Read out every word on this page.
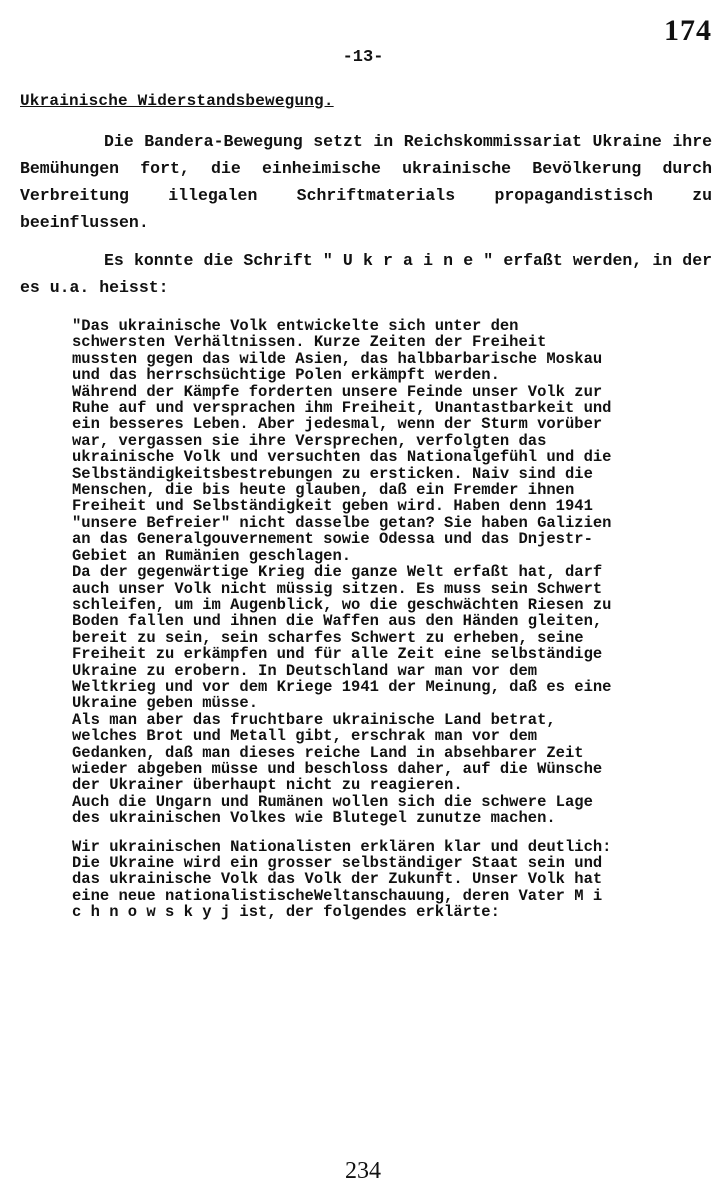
174
-13-
Ukrainische Widerstandsbewegung.

Die Bandera-Bewegung setzt in Reichskommissariat Ukraine ihre Bemühungen fort, die einheimische ukrainische Bevölkerung durch Verbreitung illegalen Schriftmaterials propagandistisch zu beeinflussen.

Es konnte die Schrift " U k r a i n e " erfaßt werden, in der es u.a. heisst:

"Das ukrainische Volk entwickelte sich unter den schwersten Verhältnissen. Kurze Zeiten der Freiheit mussten gegen das wilde Asien, das halbbarbarische Moskau und das herrschsüchtige Polen erkämpft werden.

Während der Kämpfe forderten unsere Feinde unser Volk zur Ruhe auf und versprachen ihm Freiheit, Unantastbarkeit und ein besseres Leben. Aber jedesmal, wenn der Sturm vorüber war, vergassen sie ihre Versprechen, verfolgten das ukrainische Volk und versuchten das Nationalgefühl und die Selbständigkeitsbestrebungen zu ersticken. Naiv sind die Menschen, die bis heute glauben, daß ein Fremder ihnen Freiheit und Selbständigkeit geben wird. Haben denn 1941 "unsere Befreier" nicht dasselbe getan? Sie haben Galizien an das Generalgouvernement sowie Odessa und das Dnjestr-Gebiet an Rumänien geschlagen.

Da der gegenwärtige Krieg die ganze Welt erfaßt hat, darf auch unser Volk nicht müssig sitzen. Es muss sein Schwert schleifen, um im Augenblick, wo die geschwächten Riesen zu Boden fallen und ihnen die Waffen aus den Händen gleiten, bereit zu sein, sein scharfes Schwert zu erheben, seine Freiheit zu erkämpfen und für alle Zeit eine selbständige Ukraine zu erobern. In Deutschland war man vor dem Weltkrieg und vor dem Kriege 1941 der Meinung, daß es eine Ukraine geben müsse.

Als man aber das fruchtbare ukrainische Land betrat, welches Brot und Metall gibt, erschrak man vor dem Gedanken, daß man dieses reiche Land in absehbarer Zeit wieder abgeben müsse und beschloss daher, auf die Wünsche der Ukrainer überhaupt nicht zu reagieren.

Auch die Ungarn und Rumänen wollen sich die schwere Lage des ukrainischen Volkes wie Blutegel zunutze machen.

Wir ukrainischen Nationalisten erklären klar und deutlich:

Die Ukraine wird ein grosser selbständiger Staat sein und das ukrainische Volk das Volk der Zukunft. Unser Volk hat eine neue nationalistischeWeltanschauung, deren Vater M i c h n o w s k y j ist, der folgendes erklärte:

234
